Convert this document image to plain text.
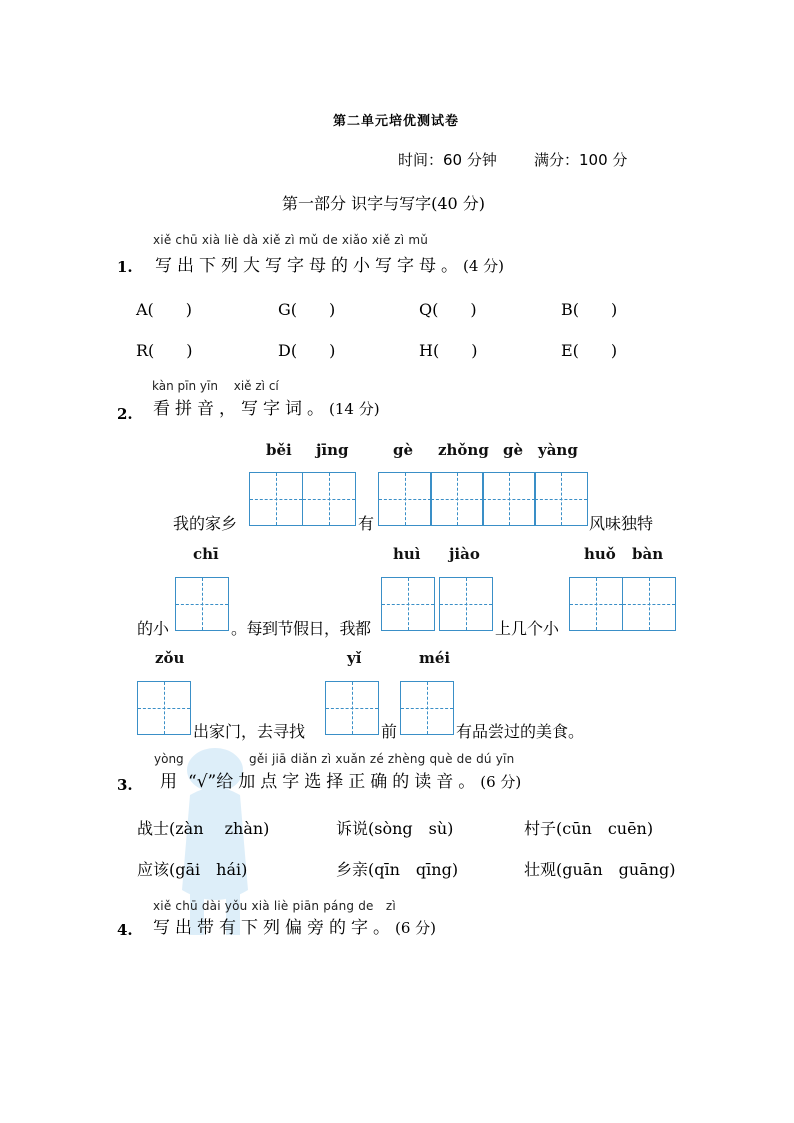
第二单元培优测试卷
时间：60 分钟 满分：100 分
第一部分 识字与写字(40 分)
xiě chū xià liè dà xiě zì mǔ de xiǎo xiě zì mǔ
1. 写出下列大写字母的小写字母。(4 分)
A(　　)	G(　　)	Q(　　)	B(　　)
R(　　)	D(　　)	H(　　)	E(　　)
kàn pīn yīn　 xiě zì cí
2. 看拼音，写字词。(14 分)
běi jīng	gè zhǒng gè yàng
我的家乡	有	风味独特
chī	huì jiào	huǒ bàn
的小	。每到节假日，我都	上几个小
zǒu	yǐ	méi
出家门，去寻找	前	有品尝过的美食。
yòng	gěi jiā diǎn zì xuǎn zé zhèng què de dú yīn
3. 用 “√”给加点字选择正确的读音。(6 分)
战士(zàn　 zhàn)	诉说(sòng　sù)	村子(cūn　cuēn)
应该(gāi　hái)	乡亲(qīn　qīng)	壮观(guān　guāng)
xiě chū dài yǒu xià liè piān páng de　zì
4. 写出带有下列偏旁的字。(6 分)
